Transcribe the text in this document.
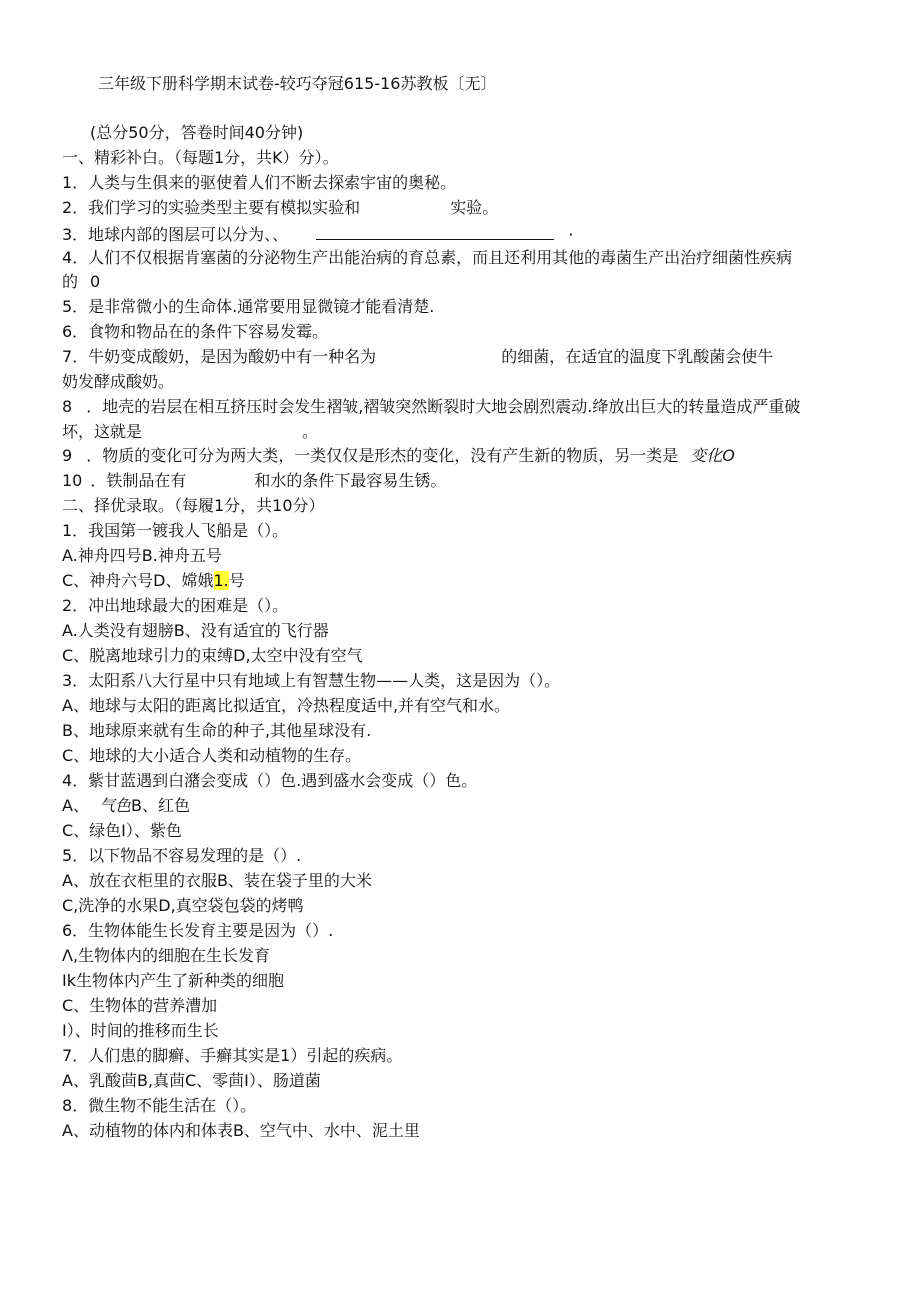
三年级下册科学期末试卷-较巧夺冠615-16苏教板〔无〕
(总分50分，答卷时间40分钟)
一、精彩补白。（每题1分，共K）分）。
1．人类与生俱来的驱使着人们不断去探索宇宙的奥秘。
2．我们学习的实验类型主要有模拟实验和	实验。
3．地球内部的图层可以分为、、	·
4．人们不仅根据肯塞菌的分泌物生产出能治病的育总素，而且还利用其他的毒菌生产出治疗细菌性疾病
的 0
5．是非常微小的生命体.通常要用显微镜才能看清楚.
6．食物和物品在的条件下容易发霉。
7．牛奶变成酸奶，是因为酸奶中有一种名为	的细菌，在适宜的温度下乳酸菌会使牛
奶发酵成酸奶。
8 ．地壳的岩层在相互挤压时会发生褶皱,褶皱突然断裂时大地会剧烈震动.绛放出巨大的转量造成严重破
坏，这就是	。
9 ．物质的变化可分为两大类，一类仅仅是形杰的变化，没有产生新的物质，另一类是 变化O
10 ．铁制品在有	和水的条件下最容易生锈。
二、择优录取。（每履1分，共10分）
1．我国第一镀我人飞船是（）。
A.神舟四号B.神舟五号
C、神舟六号D、嫦娥1.号
2．冲出地球最大的困难是（）。
A.人类没有翅膀B、没有适宜的飞行器
C、脱离地球引力的束缚D,太空中没有空气
3．太阳系八大行星中只有地域上有智慧生物——人类，这是因为（）。
A、地球与太阳的距离比拟适宜，冷热程度适中,并有空气和水。
B、地球原来就有生命的种子,其他星球没有.
C、地球的大小适合人类和动植物的生存。
4．紫甘蓝遇到白潴会变成（）色.遇到盛水会变成（）色。
A、 气色B、红色
C、绿色I）、紫色
5．以下物品不容易发理的是（）.
A、放在衣柜里的衣服B、装在袋子里的大米
C,洗净的水果D,真空袋包袋的烤鸭
6．生物体能生长发育主要是因为（）.
Λ,生物体内的细胞在生长发育
Ik生物体内产生了新种类的细胞
C、生物体的营养漕加
I）、时间的推移而生长
7．人们患的脚癣、手癣其实是1）引起的疾病。
A、乳酸茴B,真茴C、零茴I）、肠道菌
8．微生物不能生活在（）。
A、动植物的体内和体表B、空气中、水中、泥土里
